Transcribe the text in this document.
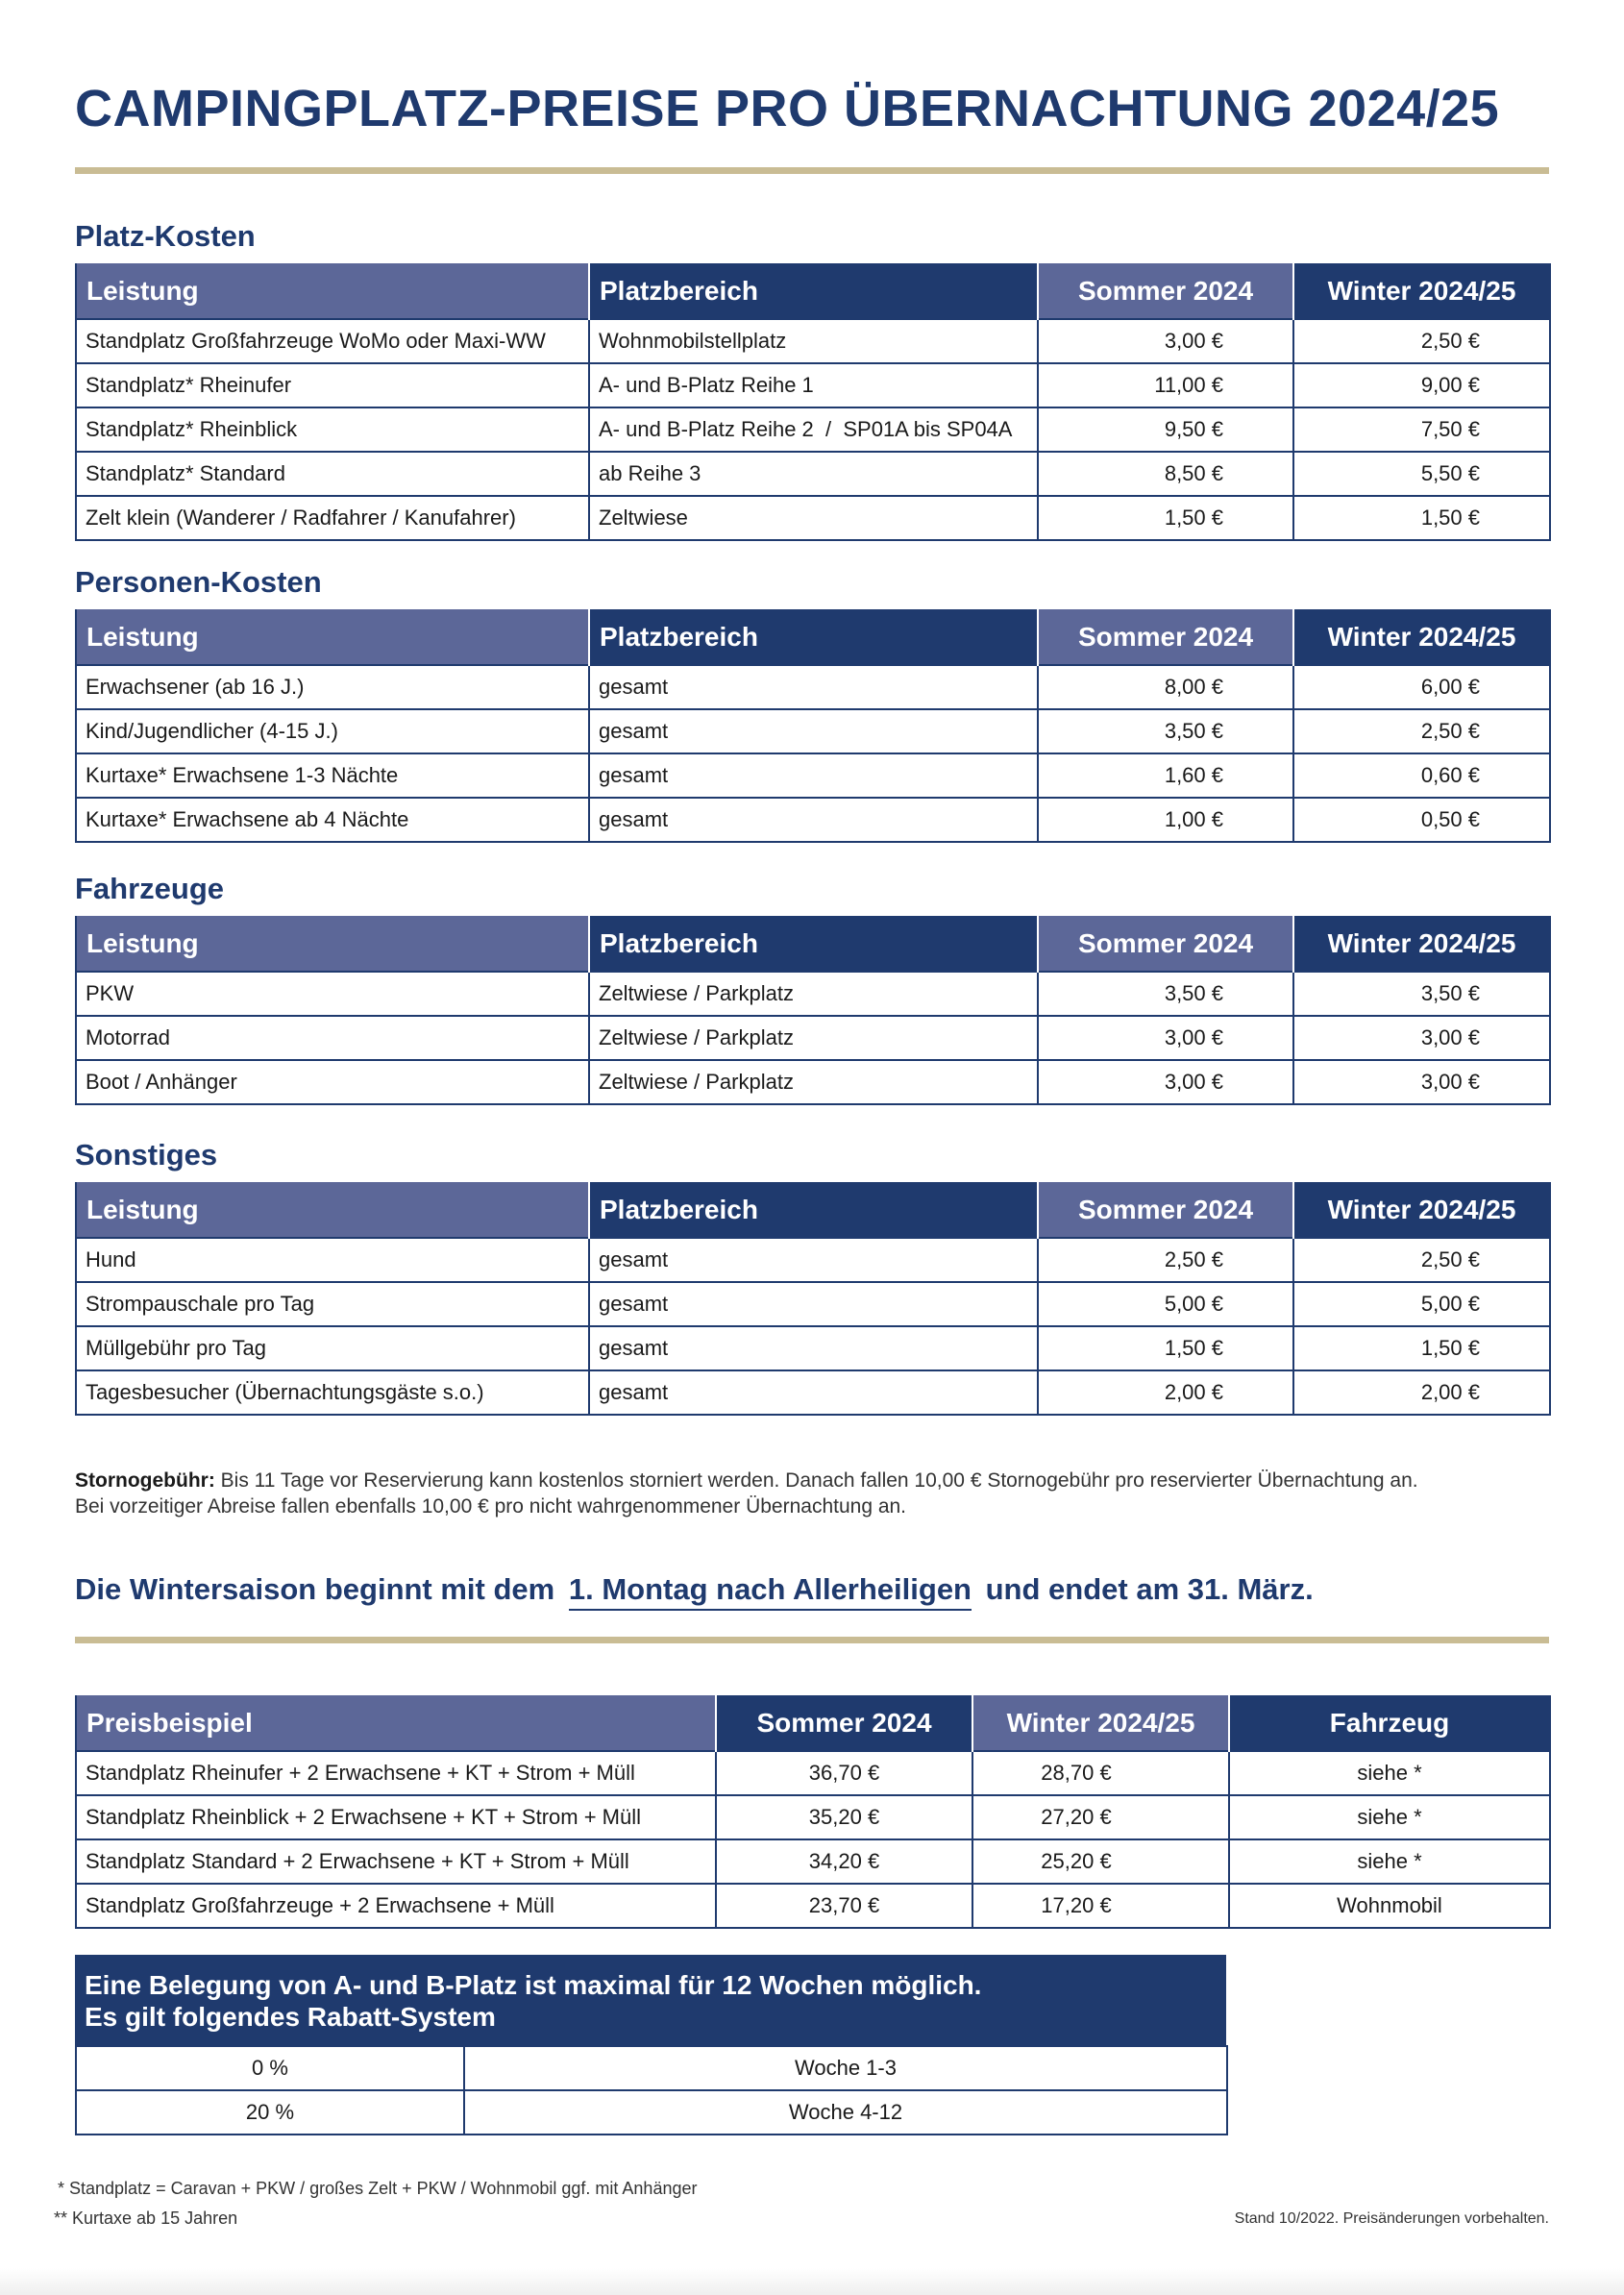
CAMPINGPLATZ-PREISE PRO ÜBERNACHTUNG 2024/25
Platz-Kosten
Leistung	Platzbereich	Sommer 2024	Winter 2024/25
Standplatz Großfahrzeuge WoMo oder Maxi-WW	Wohnmobilstellplatz	3,00 €	2,50 €
Standplatz* Rheinufer	A- und B-Platz Reihe 1	11,00 €	9,00 €
Standplatz* Rheinblick	A- und B-Platz Reihe 2  /  SP01A bis SP04A	9,50 €	7,50 €
Standplatz* Standard	ab Reihe 3	8,50 €	5,50 €
Zelt klein (Wanderer / Radfahrer / Kanufahrer)	Zeltwiese	1,50 €	1,50 €
Personen-Kosten
Leistung	Platzbereich	Sommer 2024	Winter 2024/25
Erwachsener (ab 16 J.)	gesamt	8,00 €	6,00 €
Kind/Jugendlicher (4-15 J.)	gesamt	3,50 €	2,50 €
Kurtaxe* Erwachsene 1-3 Nächte	gesamt	1,60 €	0,60 €
Kurtaxe* Erwachsene ab 4 Nächte	gesamt	1,00 €	0,50 €
Fahrzeuge
Leistung	Platzbereich	Sommer 2024	Winter 2024/25
PKW	Zeltwiese / Parkplatz	3,50 €	3,50 €
Motorrad	Zeltwiese / Parkplatz	3,00 €	3,00 €
Boot / Anhänger	Zeltwiese / Parkplatz	3,00 €	3,00 €
Sonstiges
Leistung	Platzbereich	Sommer 2024	Winter 2024/25
Hund	gesamt	2,50 €	2,50 €
Strompauschale pro Tag	gesamt	5,00 €	5,00 €
Müllgebühr pro Tag	gesamt	1,50 €	1,50 €
Tagesbesucher (Übernachtungsgäste s.o.)	gesamt	2,00 €	2,00 €
Stornogebühr: Bis 11 Tage vor Reservierung kann kostenlos storniert werden. Danach fallen 10,00 € Stornogebühr pro reservierter Übernachtung an.
Bei vorzeitiger Abreise fallen ebenfalls 10,00 € pro nicht wahrgenommener Übernachtung an.
Die Wintersaison beginnt mit dem 1. Montag nach Allerheiligen und endet am 31. März.
Preisbeispiel	Sommer 2024	Winter 2024/25	Fahrzeug
Standplatz Rheinufer + 2 Erwachsene + KT + Strom + Müll	36,70 €	28,70 €	siehe *
Standplatz Rheinblick + 2 Erwachsene + KT + Strom + Müll	35,20 €	27,20 €	siehe *
Standplatz Standard + 2 Erwachsene + KT + Strom + Müll	34,20 €	25,20 €	siehe *
Standplatz Großfahrzeuge + 2 Erwachsene + Müll	23,70 €	17,20 €	Wohnmobil
Eine Belegung von A- und B-Platz ist maximal für 12 Wochen möglich.
Es gilt folgendes Rabatt-System
0 %	Woche 1-3
20 %	Woche 4-12
* Standplatz = Caravan + PKW / großes Zelt + PKW / Wohnmobil ggf. mit Anhänger
** Kurtaxe ab 15 Jahren	Stand 10/2022. Preisänderungen vorbehalten.
